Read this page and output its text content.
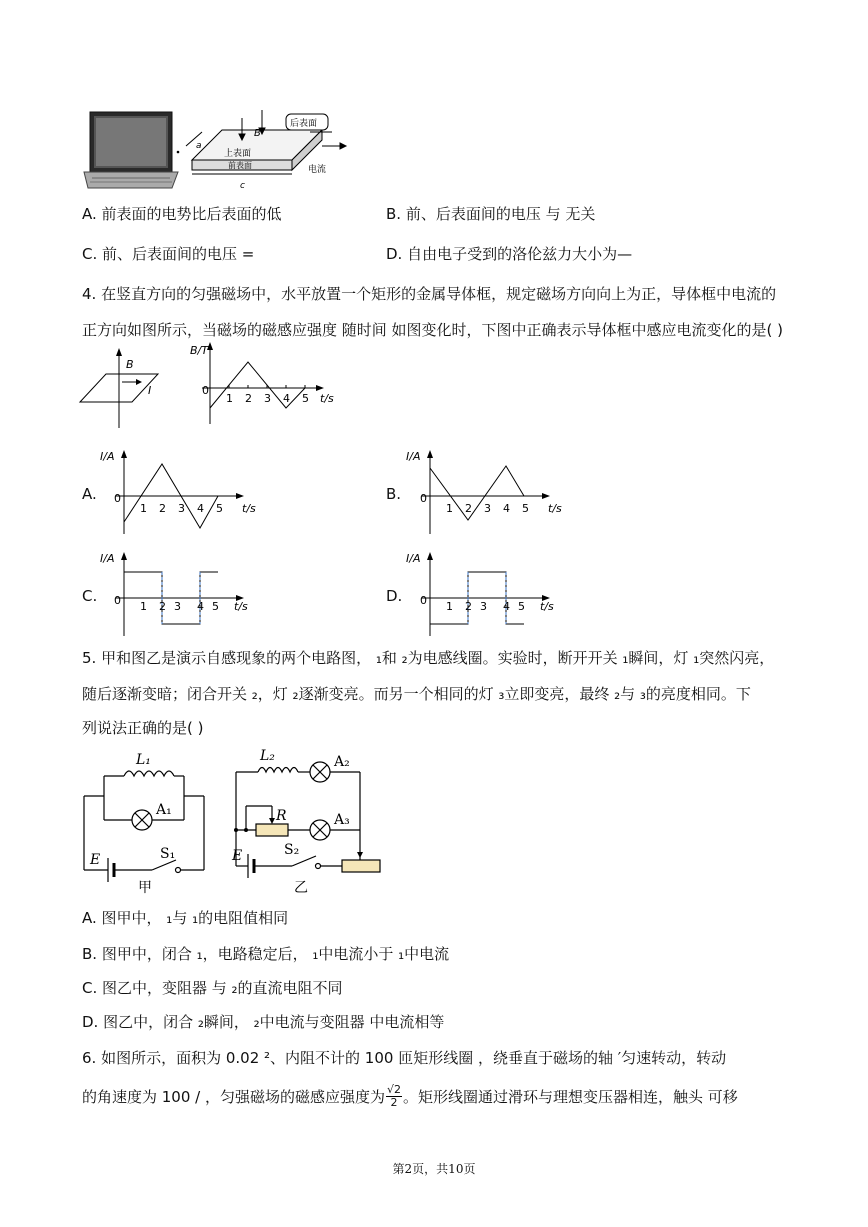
B
后表面
a
上表面
前表面	电流
c
A. 前表面的电势比后表面的低	B. 前、后表面间的电压 与 无关
C. 前、后表面间的电压 =	D. 自由电子受到的洛伦兹力大小为—
4. 在竖直方向的匀强磁场中，水平放置一个矩形的金属导体框，规定磁场方向向上为正，导体框中电流的
正方向如图所示，当磁场的磁感应强度 随时间 如图变化时，下图中正确表示导体框中感应电流变化的是( )
B
I
B/T
0
1 2 3 4 5 t/s
A.
I/A
0
1 2 3 4 5 t/s
B.
I/A
0
1 2 3 4 5 t/s
C.
I/A
0 1 2 3 4 5 t/s
D.
I/A
0 1 2 3 4 5 t/s
5. 甲和图乙是演示自感现象的两个电路图， ₁和 ₂为电感线圈。实验时，断开开关 ₁瞬间，灯 ₁突然闪亮，
随后逐渐变暗；闭合开关 ₂，灯 ₂逐渐变亮。而另一个相同的灯 ₃立即变亮，最终 ₂与 ₃的亮度相同。下
列说法正确的是( )
L₁
A₁
E	S₁
甲
L₂	A₂
R	A₃
E	S₂
乙
A. 图甲中， ₁与 ₁的电阻值相同
B. 图甲中，闭合 ₁，电路稳定后， ₁中电流小于 ₁中电流
C. 图乙中，变阻器 与 ₂的直流电阻不同
D. 图乙中，闭合 ₂瞬间， ₂中电流与变阻器 中电流相等
6. 如图所示，面积为 0.02 ²、内阻不计的 100 匝矩形线圈 ，绕垂直于磁场的轴 ′匀速转动，转动
的角速度为 100 / ，匀强磁场的磁感应强度为 $\frac{√2}{2}$ 。矩形线圈通过滑环与理想变压器相连，触头 可移
第2页，共10页
